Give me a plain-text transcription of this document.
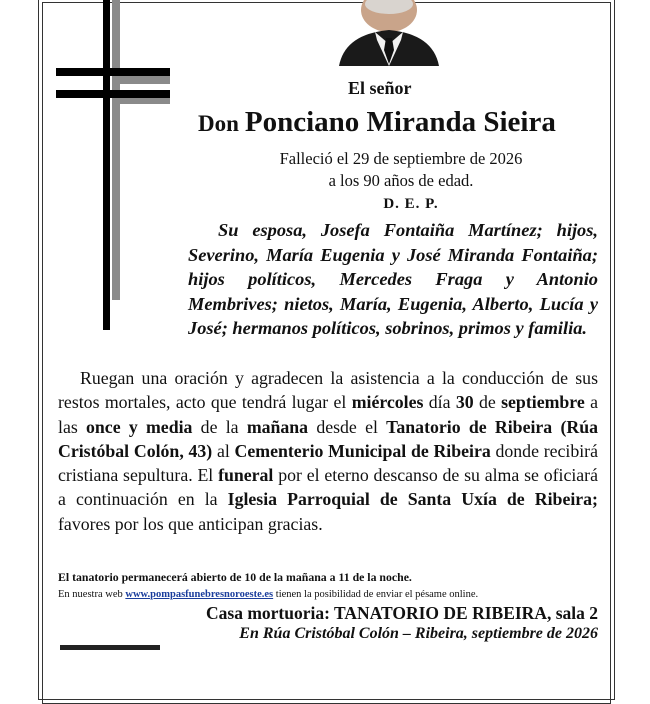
El señor
Don Ponciano Miranda Sieira
Falleció el 29 de septiembre de 2026
a los 90 años de edad.
D. E. P.
Su esposa, Josefa Fontaiña Martínez; hijos, Severino, María Eugenia y José Miranda Fontaiña; hijos políticos, Mercedes Fraga y Antonio Membrives; nietos, María, Eugenia, Alberto, Lucía y José; hermanos políticos, sobrinos, primos y familia.
Ruegan una oración y agradecen la asistencia a la conducción de sus restos mortales, acto que tendrá lugar el miércoles día 30 de septiembre a las once y media de la mañana desde el Tanatorio de Ribeira (Rúa Cristóbal Colón, 43) al Cementerio Municipal de Ribeira donde recibirá cristiana sepultura. El funeral por el eterno descanso de su alma se oficiará a continuación en la Iglesia Parroquial de Santa Uxía de Ribeira; favores por los que anticipan gracias.
El tanatorio permanecerá abierto de 10 de la mañana a 11 de la noche.
En nuestra web www.pompasfunebresnoroeste.es tienen la posibilidad de enviar el pésame online.
Casa mortuoria: TANATORIO DE RIBEIRA, sala 2
En Rúa Cristóbal Colón – Ribeira, septiembre de 2026
